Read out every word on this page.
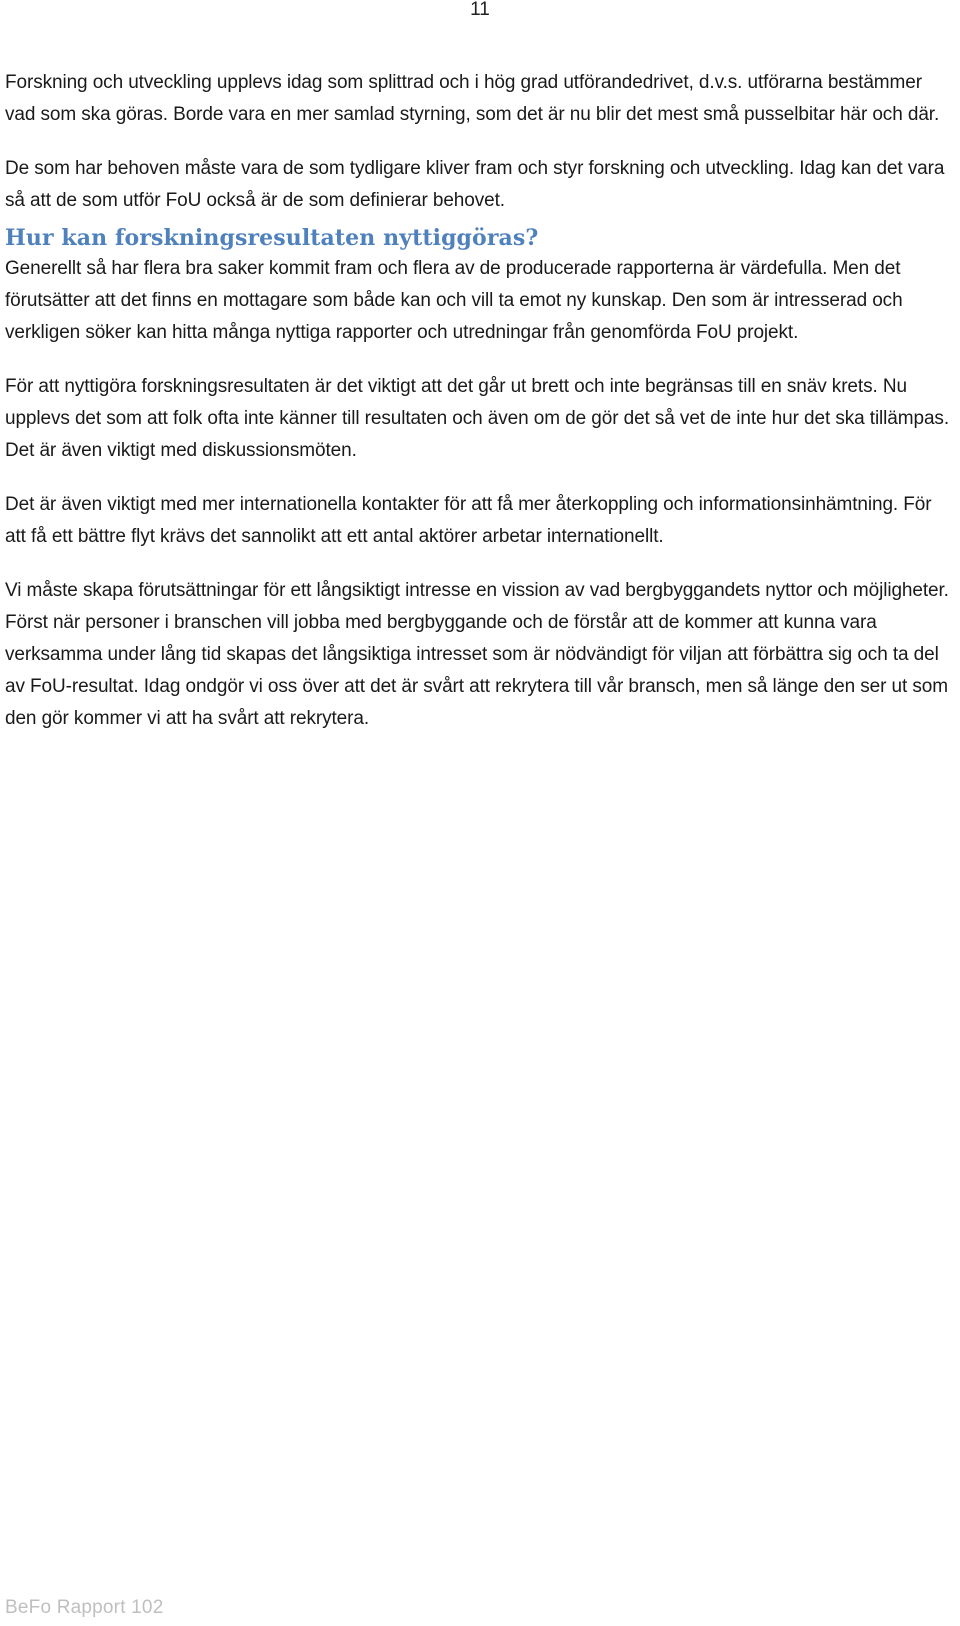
11

Forskning och utveckling upplevs idag som splittrad och i hög grad utförandedrivet, d.v.s. utförarna bestämmer vad som ska göras. Borde vara en mer samlad styrning, som det är nu blir det mest små pusselbitar här och där.

De som har behoven måste vara de som tydligare kliver fram och styr forskning och utveckling. Idag kan det vara så att de som utför FoU också är de som definierar behovet.

Hur kan forskningsresultaten nyttiggöras?

Generellt så har flera bra saker kommit fram och flera av de producerade rapporterna är värdefulla. Men det förutsätter att det finns en mottagare som både kan och vill ta emot ny kunskap. Den som är intresserad och verkligen söker kan hitta många nyttiga rapporter och utredningar från genomförda FoU projekt.

För att nyttigöra forskningsresultaten är det viktigt att det går ut brett och inte begränsas till en snäv krets. Nu upplevs det som att folk ofta inte känner till resultaten och även om de gör det så vet de inte hur det ska tillämpas. Det är även viktigt med diskussionsmöten.

Det är även viktigt med mer internationella kontakter för att få mer återkoppling och informationsinhämtning. För att få ett bättre flyt krävs det sannolikt att ett antal aktörer arbetar internationellt.

Vi måste skapa förutsättningar för ett långsiktigt intresse en vission av vad bergbyggandets nyttor och möjligheter. Först när personer i branschen vill jobba med bergbyggande och de förstår att de kommer att kunna vara verksamma under lång tid skapas det långsiktiga intresset som är nödvändigt för viljan att förbättra sig och ta del av FoU-resultat. Idag ondgör vi oss över att det är svårt att rekrytera till vår bransch, men så länge den ser ut som den gör kommer vi att ha svårt att rekrytera.

BeFo Rapport 102
